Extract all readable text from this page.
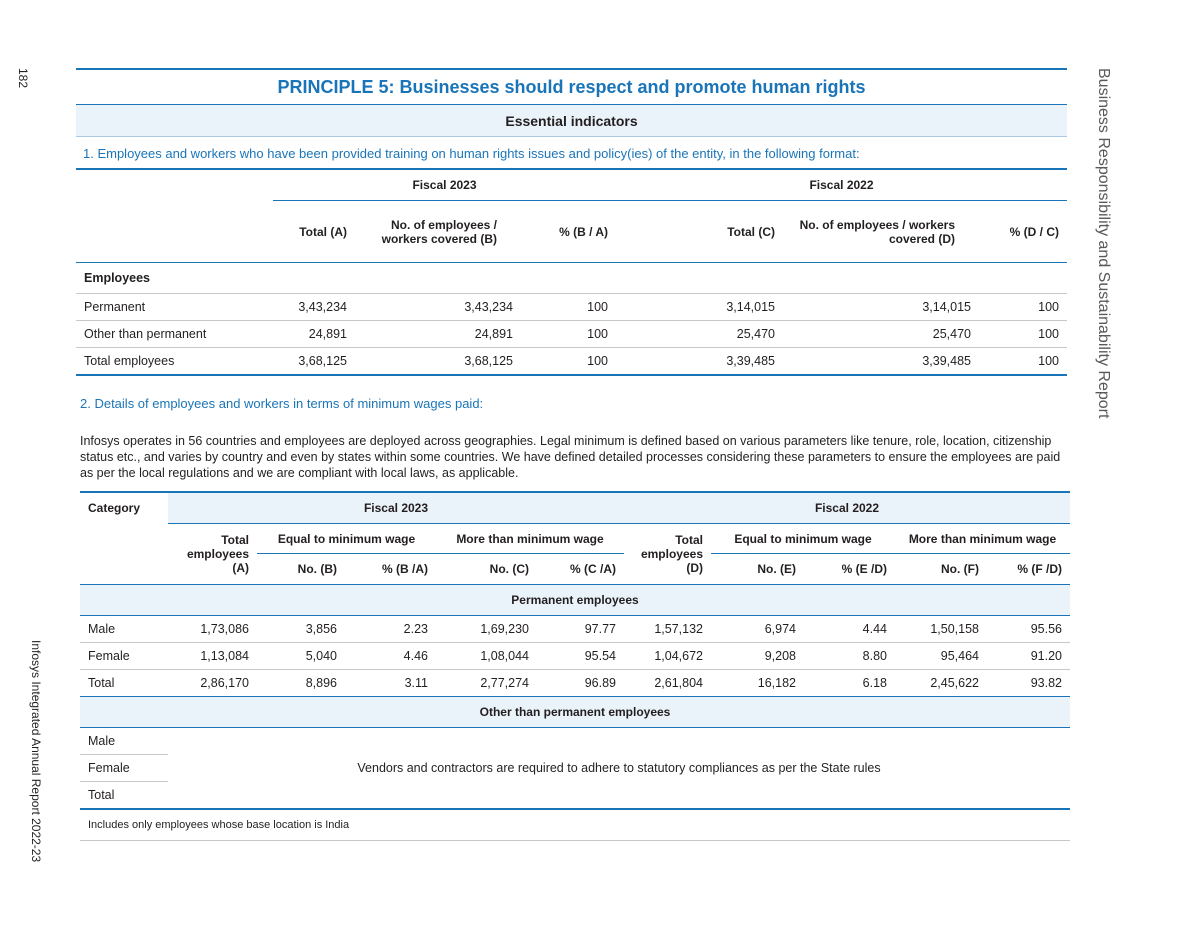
182
Infosys Integrated Annual Report 2022-23
Business Responsibility and Sustainability Report
PRINCIPLE 5: Businesses should respect and promote human rights
Essential indicators
1. Employees and workers who have been provided training on human rights issues and policy(ies) of the entity, in the following format:
	Fiscal 2023			Fiscal 2022		
	Total (A)	No. of employees / workers covered (B)	% (B / A)	Total (C)	No. of employees / workers covered (D)	% (D / C)
Employees						
Permanent	3,43,234	3,43,234	100	3,14,015	3,14,015	100
Other than permanent	24,891	24,891	100	25,470	25,470	100
Total employees	3,68,125	3,68,125	100	3,39,485	3,39,485	100
2. Details of employees and workers in terms of minimum wages paid:
Infosys operates in 56 countries and employees are deployed across geographies. Legal minimum is defined based on various parameters like tenure, role, location, citizenship status etc., and varies by country and even by states within some countries. We have defined detailed processes considering these parameters to ensure the employees are paid as per the local regulations and we are compliant with local laws, as applicable.
Category	Fiscal 2023					Fiscal 2022				
	Total employees (A)	Equal to minimum wage		More than minimum wage		Total employees (D)	Equal to minimum wage		More than minimum wage	
		No. (B)	% (B /A)	No. (C)	% (C /A)		No. (E)	% (E /D)	No. (F)	% (F /D)
Permanent employees										
Male	1,73,086	3,856	2.23	1,69,230	97.77	1,57,132	6,974	4.44	1,50,158	95.56
Female	1,13,084	5,040	4.46	1,08,044	95.54	1,04,672	9,208	8.80	95,464	91.20
Total	2,86,170	8,896	3.11	2,77,274	96.89	2,61,804	16,182	6.18	2,45,622	93.82
Other than permanent employees										
Male	Vendors and contractors are required to adhere to statutory compliances as per the State rules									
Female										
Total										
Includes only employees whose base location is India										
